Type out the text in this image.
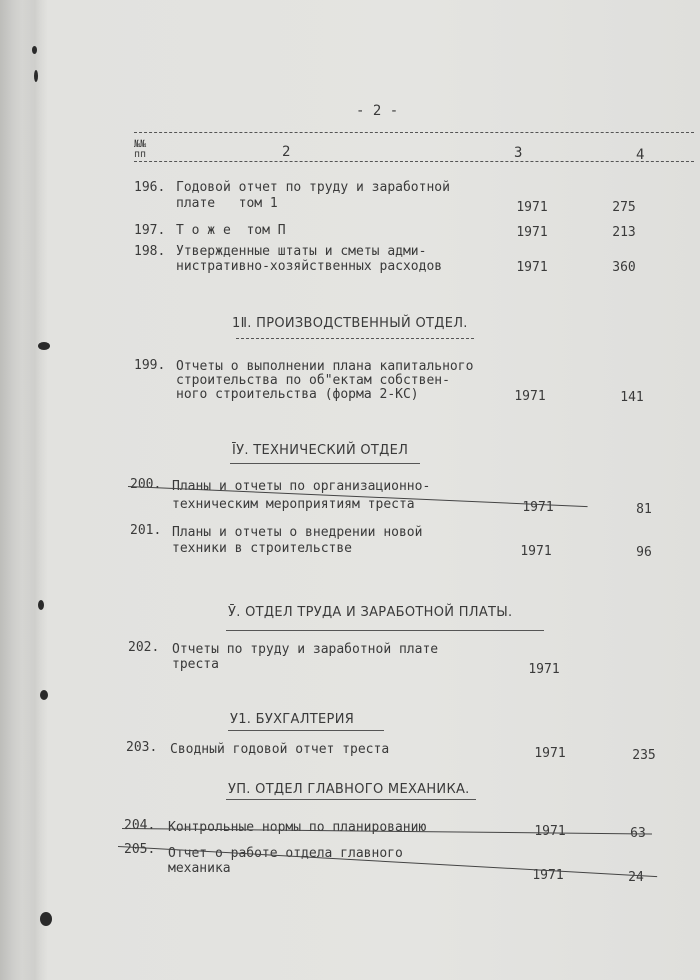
- 2 -
№№ пп	2	3	4
196. Годовой отчет по труду и заработной
плате   том 1	1971	275
197. Т о ж е  том П	1971	213
198. Утвержденные штаты и сметы адми-
нистративно-хозяйственных расходов	1971	360
1Ⅱ. ПРОИЗВОДСТВЕННЫЙ ОТДЕЛ.
199. Отчеты о выполнении плана капитального
строительства по об"ектам собствен-
ного строительства (форма 2-КС)	1971	141
ĪУ. ТЕХНИЧЕСКИЙ ОТДЕЛ
200. Планы и отчеты по организационно-
техническим мероприятиям треста	1971	81
201. Планы и отчеты о внедрении новой
техники в строительстве	1971	96
Ӯ. ОТДЕЛ ТРУДА И ЗАРАБОТНОЙ ПЛАТЫ.
202. Отчеты по труду и заработной плате
треста	1971
У1. БУХГАЛТЕРИЯ
203. Сводный годовой отчет треста	1971	235
УП. ОТДЕЛ ГЛАВНОГО МЕХАНИКА.
204. Контрольные нормы по планированию	1971	63
205. Отчет о работе отдела главного
механика	1971	24
